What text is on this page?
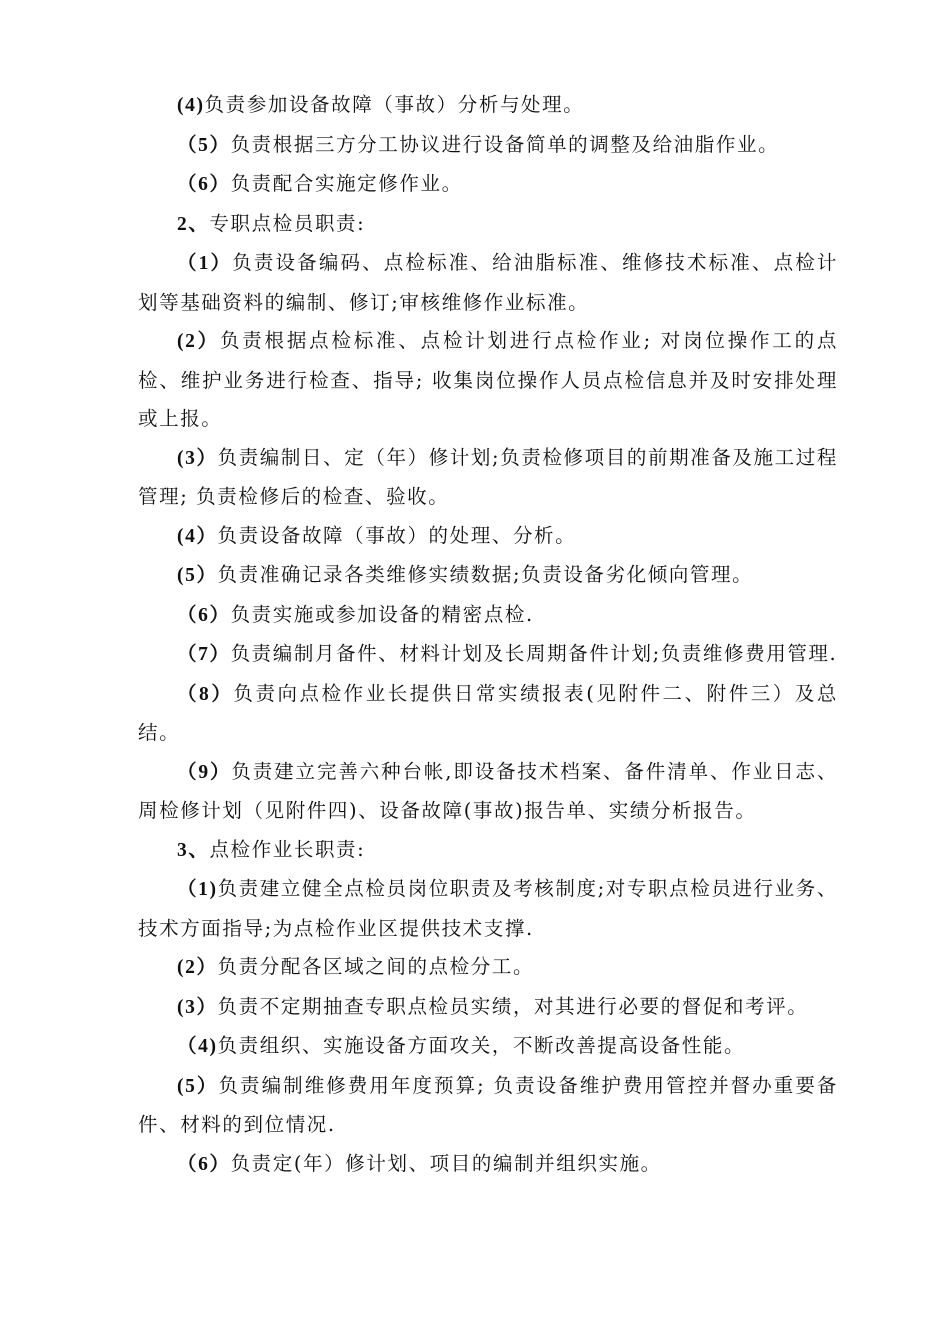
(4)负责参加设备故障（事故）分析与处理。

（5）负责根据三方分工协议进行设备简单的调整及给油脂作业。

（6）负责配合实施定修作业。

2、专职点检员职责:

（1）负责设备编码、点检标准、给油脂标准、维修技术标准、点检计划等基础资料的编制、修订;审核维修作业标准。

(2）负责根据点检标准、点检计划进行点检作业; 对岗位操作工的点检、维护业务进行检查、指导; 收集岗位操作人员点检信息并及时安排处理或上报。

(3）负责编制日、定（年）修计划;负责检修项目的前期准备及施工过程管理; 负责检修后的检查、验收。

(4）负责设备故障（事故）的处理、分析。

(5）负责准确记录各类维修实绩数据;负责设备劣化倾向管理。

（6）负责实施或参加设备的精密点检.

（7）负责编制月备件、材料计划及长周期备件计划;负责维修费用管理.

（8）负责向点检作业长提供日常实绩报表(见附件二、附件三）及总结。

（9）负责建立完善六种台帐,即设备技术档案、备件清单、作业日志、周检修计划（见附件四)、设备故障(事故)报告单、实绩分析报告。

3、点检作业长职责:

（1)负责建立健全点检员岗位职责及考核制度;对专职点检员进行业务、技术方面指导;为点检作业区提供技术支撑.

(2）负责分配各区域之间的点检分工。

(3）负责不定期抽查专职点检员实绩，对其进行必要的督促和考评。

（4)负责组织、实施设备方面攻关，不断改善提高设备性能。

(5）负责编制维修费用年度预算; 负责设备维护费用管控并督办重要备件、材料的到位情况.

（6）负责定(年）修计划、项目的编制并组织实施。
